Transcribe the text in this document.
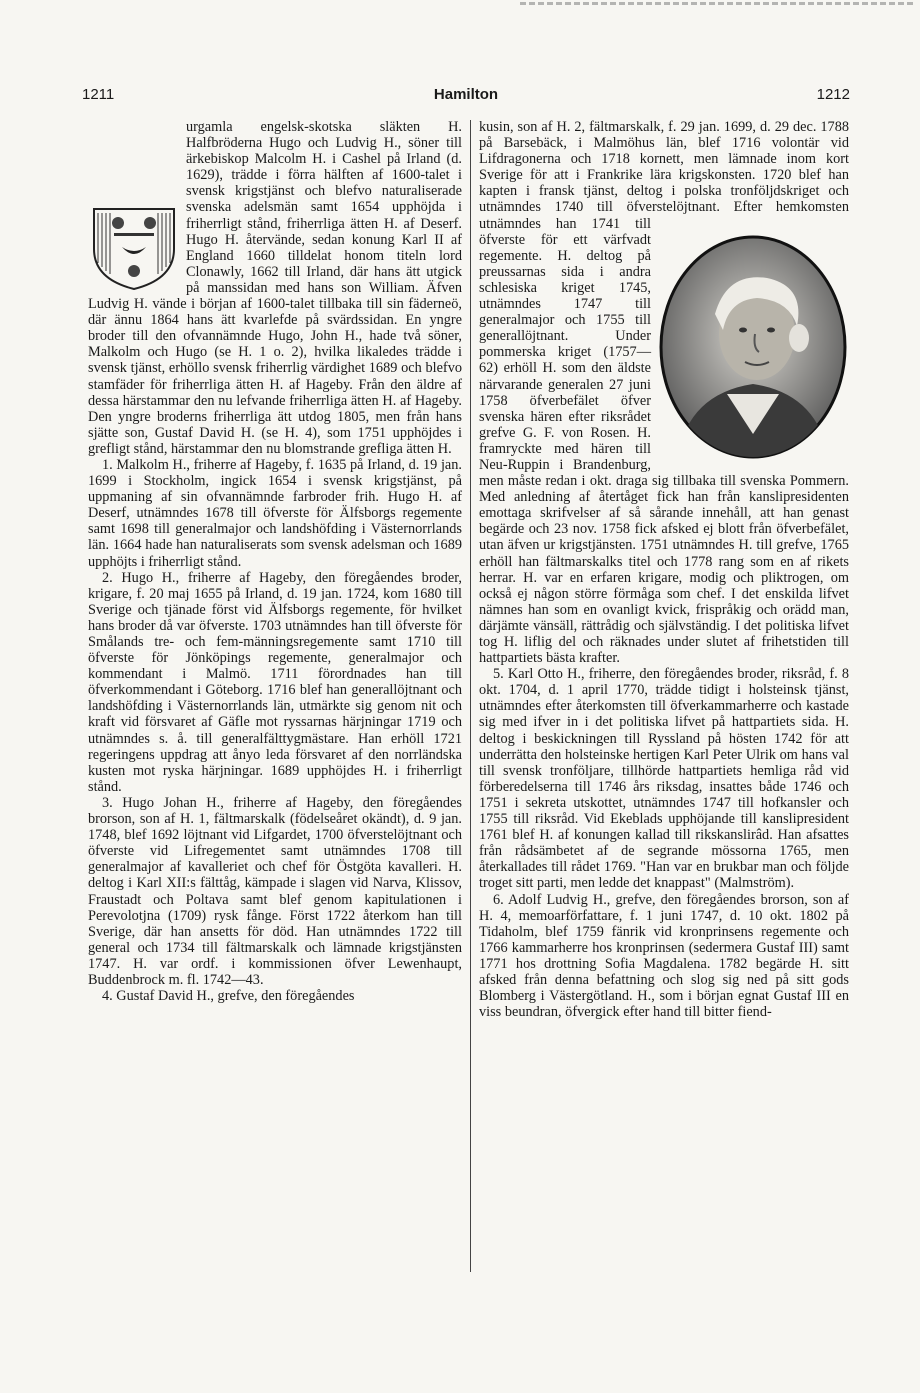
1211	Hamilton	1212

urgamla engelsk-skotska släkten H. Halfbröderna Hugo och Ludvig H., söner till ärkebiskop Malcolm H. i Cashel på Irland (d. 1629), trädde i förra hälften af 1600-talet i svensk krigstjänst och blefvo naturaliserade svenska adelsmän samt 1654 upphöjda i friherrligt stånd, friherrliga ätten H. af Deserf. Hugo H. återvände, sedan konung Karl II af England 1660 tilldelat honom titeln lord Clonawly, 1662 till Irland, där hans ätt utgick på manssidan med hans son William. Äfven Ludvig H. vände i början af 1600-talet tillbaka till sin fäderneö, där ännu 1864 hans ätt kvarlefde på svärdssidan. En yngre broder till den ofvannämnde Hugo, John H., hade två söner, Malkolm och Hugo (se H. 1 o. 2), hvilka likaledes trädde i svensk tjänst, erhöllo svensk friherrlig värdighet 1689 och blefvo stamfäder för friherrliga ätten H. af Hageby. Från den äldre af dessa härstammar den nu lefvande friherrliga ätten H. af Hageby. Den yngre broderns friherrliga ätt utdog 1805, men från hans sjätte son, Gustaf David H. (se H. 4), som 1751 upphöjdes i grefligt stånd, härstammar den nu blomstrande grefliga ätten H.

1. Malkolm H., friherre af Hageby, f. 1635 på Irland, d. 19 jan. 1699 i Stockholm, ingick 1654 i svensk krigstjänst, på uppmaning af sin ofvannämnde farbroder frih. Hugo H. af Deserf, utnämndes 1678 till öfverste för Älfsborgs regemente samt 1698 till generalmajor och landshöfding i Västernorrlands län. 1664 hade han naturaliserats som svensk adelsman och 1689 upphöjts i friherrligt stånd.

2. Hugo H., friherre af Hageby, den föregåendes broder, krigare, f. 20 maj 1655 på Irland, d. 19 jan. 1724, kom 1680 till Sverige och tjänade först vid Älfsborgs regemente, för hvilket hans broder då var öfverste. 1703 utnämndes han till öfverste för Smålands tre- och fem-männingsregemente samt 1710 till öfverste för Jönköpings regemente, generalmajor och kommendant i Malmö. 1711 förordnades han till öfverkommendant i Göteborg. 1716 blef han generallöjtnant och landshöfding i Västernorrlands län, utmärkte sig genom nit och kraft vid försvaret af Gäfle mot ryssarnas härjningar 1719 och utnämndes s. å. till generalfälttygmästare. Han erhöll 1721 regeringens uppdrag att ånyo leda försvaret af den norrländska kusten mot ryska härjningar. 1689 upphöjdes H. i friherrligt stånd.

3. Hugo Johan H., friherre af Hageby, den föregåendes brorson, son af H. 1, fältmarskalk (födelseåret okändt), d. 9 jan. 1748, blef 1692 löjtnant vid Lifgardet, 1700 öfverstelöjtnant och öfverste vid Lifregementet samt utnämndes 1708 till generalmajor af kavalleriet och chef för Östgöta kavalleri. H. deltog i Karl XII:s fälttåg, kämpade i slagen vid Narva, Klissov, Fraustadt och Poltava samt blef genom kapitulationen i Perevolotjna (1709) rysk fånge. Först 1722 återkom han till Sverige, där han ansetts för död. Han utnämndes 1722 till general och 1734 till fältmarskalk och lämnade krigstjänsten 1747. H. var ordf. i kommissionen öfver Lewenhaupt, Buddenbrock m. fl. 1742—43.

4. Gustaf David H., grefve, den föregåendes

kusin, son af H. 2, fältmarskalk, f. 29 jan. 1699, d. 29 dec. 1788 på Barsebäck, i Malmöhus län, blef 1716 volontär vid Lifdragonerna och 1718 kornett, men lämnade inom kort Sverige för att i Frankrike lära krigskonsten. 1720 blef han kapten i fransk tjänst, deltog i polska tronföljdskriget och utnämndes 1740 till öfverstelöjtnant. Efter hemkomsten utnämndes han 1741 till öfverste för ett värfvadt regemente. H. deltog på preussarnas sida i andra schlesiska kriget 1745, utnämndes 1747 till generalmajor och 1755 till generallöjtnant. Under pommerska kriget (1757—62) erhöll H. som den äldste närvarande generalen 27 juni 1758 öfverbefälet öfver svenska hären efter riksrådet grefve G. F. von Rosen. H. framryckte med hären till Neu-Ruppin i Brandenburg, men måste redan i okt. draga sig tillbaka till svenska Pommern. Med anledning af återtåget fick han från kanslipresidenten emottaga skrifvelser af så sårande innehåll, att han genast begärde och 23 nov. 1758 fick afsked ej blott från öfverbefälet, utan äfven ur krigstjänsten. 1751 utnämndes H. till grefve, 1765 erhöll han fältmarskalks titel och 1778 rang som en af rikets herrar. H. var en erfaren krigare, modig och pliktrogen, om också ej någon större förmåga som chef. I det enskilda lifvet nämnes han som en ovanligt kvick, frispråkig och orädd man, därjämte vänsäll, rättrådig och självständig. I det politiska lifvet tog H. liflig del och räknades under slutet af frihetstiden till hattpartiets bästa krafter.

5. Karl Otto H., friherre, den föregåendes broder, riksråd, f. 8 okt. 1704, d. 1 april 1770, trädde tidigt i holsteinsk tjänst, utnämndes efter återkomsten till öfverkammarherre och kastade sig med ifver in i det politiska lifvet på hattpartiets sida. H. deltog i beskickningen till Ryssland på hösten 1742 för att underrätta den holsteinske hertigen Karl Peter Ulrik om hans val till svensk tronföljare, tillhörde hattpartiets hemliga råd vid förberedelserna till 1746 års riksdag, insattes både 1746 och 1751 i sekreta utskottet, utnämndes 1747 till hofkansler och 1755 till riksråd. Vid Ekeblads upphöjande till kanslipresident 1761 blef H. af konungen kallad till rikskanslirâd. Han afsattes från rådsämbetet af de segrande mössorna 1765, men återkallades till rådet 1769. "Han var en brukbar man och följde troget sitt parti, men ledde det knappast" (Malmström).

6. Adolf Ludvig H., grefve, den föregåendes brorson, son af H. 4, memoarförfattare, f. 1 juni 1747, d. 10 okt. 1802 på Tidaholm, blef 1759 fänrik vid kronprinsens regemente och 1766 kammarherre hos kronprinsen (sedermera Gustaf III) samt 1771 hos drottning Sofia Magdalena. 1782 begärde H. sitt afsked från denna befattning och slog sig ned på sitt gods Blomberg i Västergötland. H., som i början egnat Gustaf III en viss beundran, öfvergick efter hand till bitter fiend-
